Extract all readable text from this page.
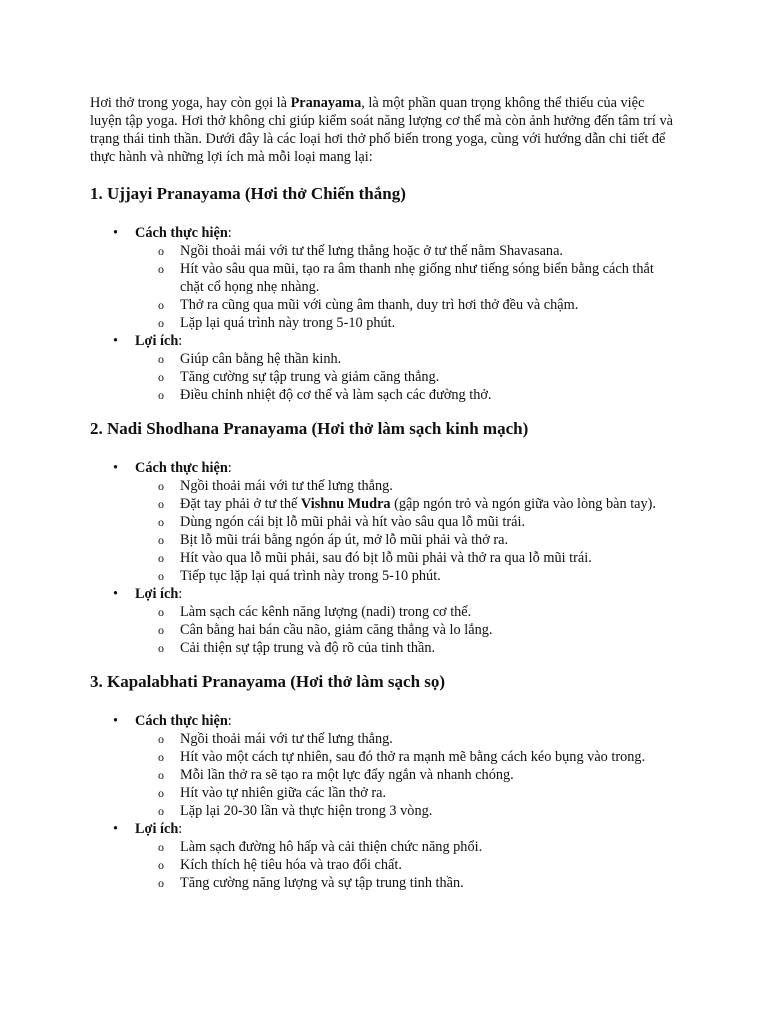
Hơi thở trong yoga, hay còn gọi là Pranayama, là một phần quan trọng không thể thiếu của việc luyện tập yoga. Hơi thở không chỉ giúp kiểm soát năng lượng cơ thể mà còn ảnh hưởng đến tâm trí và trạng thái tinh thần. Dưới đây là các loại hơi thở phổ biến trong yoga, cùng với hướng dẫn chi tiết để thực hành và những lợi ích mà mỗi loại mang lại:

1. Ujjayi Pranayama (Hơi thở Chiến thắng)
• Cách thực hiện:
o Ngồi thoải mái với tư thế lưng thẳng hoặc ở tư thế nằm Shavasana.
o Hít vào sâu qua mũi, tạo ra âm thanh nhẹ giống như tiếng sóng biển bằng cách thắt chặt cổ họng nhẹ nhàng.
o Thở ra cũng qua mũi với cùng âm thanh, duy trì hơi thở đều và chậm.
o Lặp lại quá trình này trong 5-10 phút.
• Lợi ích:
o Giúp cân bằng hệ thần kinh.
o Tăng cường sự tập trung và giảm căng thẳng.
o Điều chỉnh nhiệt độ cơ thể và làm sạch các đường thở.
2. Nadi Shodhana Pranayama (Hơi thở làm sạch kinh mạch)
• Cách thực hiện:
o Ngồi thoải mái với tư thế lưng thẳng.
o Đặt tay phải ở tư thế Vishnu Mudra (gập ngón trỏ và ngón giữa vào lòng bàn tay).
o Dùng ngón cái bịt lỗ mũi phải và hít vào sâu qua lỗ mũi trái.
o Bịt lỗ mũi trái bằng ngón áp út, mở lỗ mũi phải và thở ra.
o Hít vào qua lỗ mũi phải, sau đó bịt lỗ mũi phải và thở ra qua lỗ mũi trái.
o Tiếp tục lặp lại quá trình này trong 5-10 phút.
• Lợi ích:
o Làm sạch các kênh năng lượng (nadi) trong cơ thể.
o Cân bằng hai bán cầu não, giảm căng thẳng và lo lắng.
o Cải thiện sự tập trung và độ rõ của tinh thần.
3. Kapalabhati Pranayama (Hơi thở làm sạch sọ)
• Cách thực hiện:
o Ngồi thoải mái với tư thế lưng thẳng.
o Hít vào một cách tự nhiên, sau đó thở ra mạnh mẽ bằng cách kéo bụng vào trong.
o Mỗi lần thở ra sẽ tạo ra một lực đẩy ngắn và nhanh chóng.
o Hít vào tự nhiên giữa các lần thở ra.
o Lặp lại 20-30 lần và thực hiện trong 3 vòng.
• Lợi ích:
o Làm sạch đường hô hấp và cải thiện chức năng phổi.
o Kích thích hệ tiêu hóa và trao đổi chất.
o Tăng cường năng lượng và sự tập trung tinh thần.
